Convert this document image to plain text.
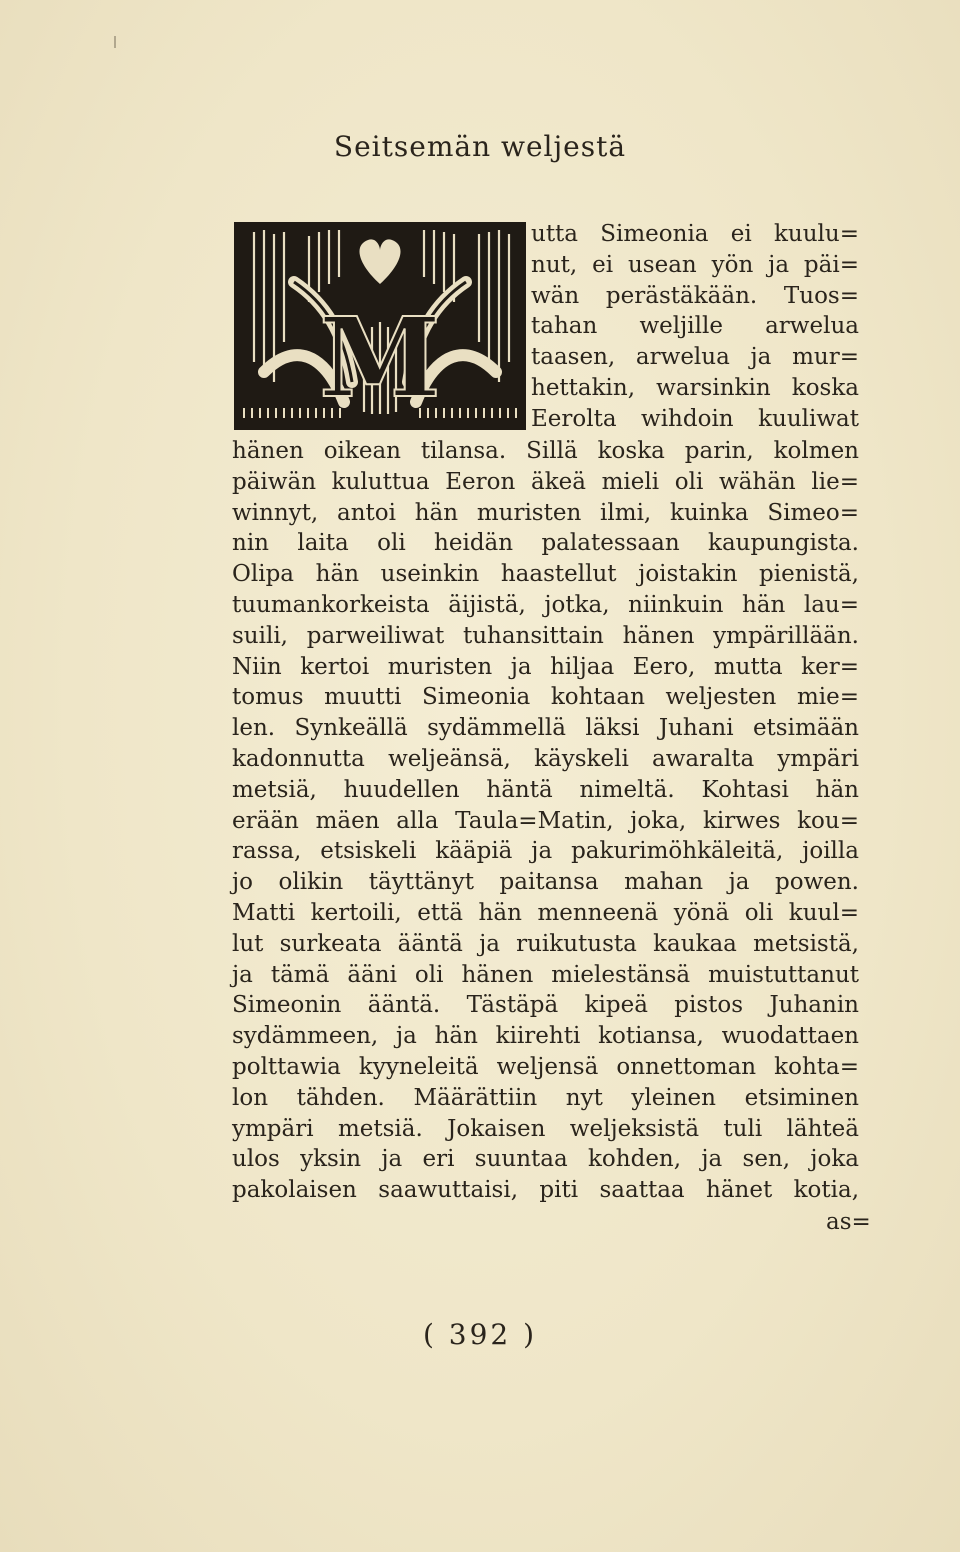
Seitsemän weljestä
M
utta Simeonia ei kuulu=
nut, ei usean yön ja päi=
wän perästäkään. Tuos=
tahan weljille arwelua
taasen, arwelua ja mur=
hettakin, warsinkin koska
Eerolta wihdoin kuuliwat
hänen oikean tilansa. Sillä koska parin, kolmen
päiwän kuluttua Eeron äkeä mieli oli wähän lie=
winnyt, antoi hän muristen ilmi, kuinka Simeo=
nin laita oli heidän palatessaan kaupungista.
Olipa hän useinkin haastellut joistakin pienistä,
tuumankorkeista äijistä, jotka, niinkuin hän lau=
suili, parweiliwat tuhansittain hänen ympärillään.
Niin kertoi muristen ja hiljaa Eero, mutta ker=
tomus muutti Simeonia kohtaan weljesten mie=
len. Synkeällä sydämmellä läksi Juhani etsimään
kadonnutta weljeänsä, käyskeli awaralta ympäri
metsiä, huudellen häntä nimeltä. Kohtasi hän
erään mäen alla Taula=Matin, joka, kirwes kou=
rassa, etsiskeli kääpiä ja pakurimöhkäleitä, joilla
jo olikin täyttänyt paitansa mahan ja powen.
Matti kertoili, että hän menneenä yönä oli kuul=
lut surkeata ääntä ja ruikutusta kaukaa metsistä,
ja tämä ääni oli hänen mielestänsä muistuttanut
Simeonin ääntä. Tästäpä kipeä pistos Juhanin
sydämmeen, ja hän kiirehti kotiansa, wuodattaen
polttawia kyyneleitä weljensä onnettoman kohta=
lon tähden. Määrättiin nyt yleinen etsiminen
ympäri metsiä. Jokaisen weljeksistä tuli lähteä
ulos yksin ja eri suuntaa kohden, ja sen, joka
pakolaisen saawuttaisi, piti saattaa hänet kotia,
as=
( 392 )
